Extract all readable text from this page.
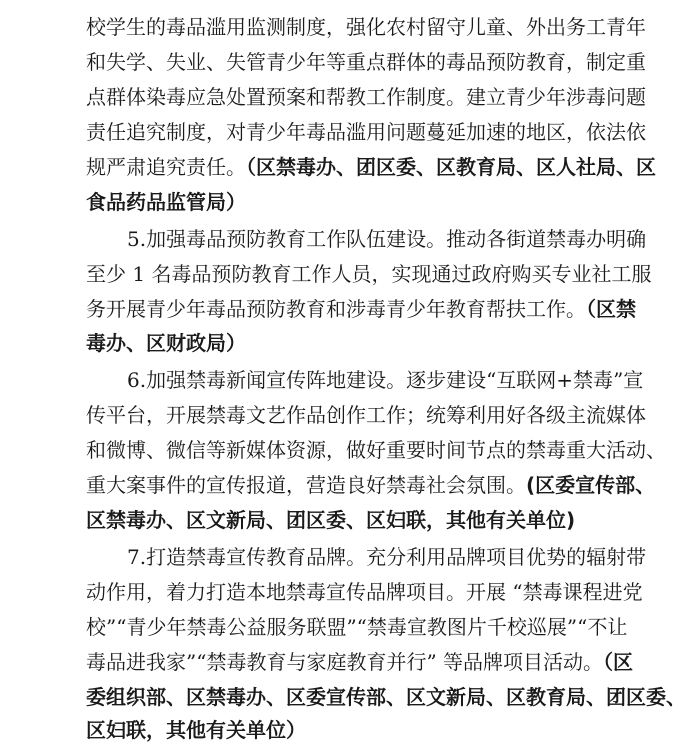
校学生的毒品滥用监测制度，强化农村留守儿童、外出务工青年
和失学、失业、失管青少年等重点群体的毒品预防教育，制定重
点群体染毒应急处置预案和帮教工作制度。建立青少年涉毒问题
责任追究制度，对青少年毒品滥用问题蔓延加速的地区，依法依
规严肃追究责任。（区禁毒办、团区委、区教育局、区人社局、区
食品药品监管局）
5.加强毒品预防教育工作队伍建设。推动各街道禁毒办明确
至少 1 名毒品预防教育工作人员，实现通过政府购买专业社工服
务开展青少年毒品预防教育和涉毒青少年教育帮扶工作。（区禁
毒办、区财政局）
6.加强禁毒新闻宣传阵地建设。逐步建设“互联网+禁毒”宣
传平台，开展禁毒文艺作品创作工作；统筹利用好各级主流媒体
和微博、微信等新媒体资源，做好重要时间节点的禁毒重大活动、
重大案事件的宣传报道，营造良好禁毒社会氛围。(区委宣传部、
区禁毒办、区文新局、团区委、区妇联，其他有关单位)
7.打造禁毒宣传教育品牌。充分利用品牌项目优势的辐射带
动作用，着力打造本地禁毒宣传品牌项目。开展 “禁毒课程进党
校”“青少年禁毒公益服务联盟”“禁毒宣教图片千校巡展”“不让
毒品进我家”“禁毒教育与家庭教育并行” 等品牌项目活动。（区
委组织部、区禁毒办、区委宣传部、区文新局、区教育局、团区委、
区妇联，其他有关单位）
